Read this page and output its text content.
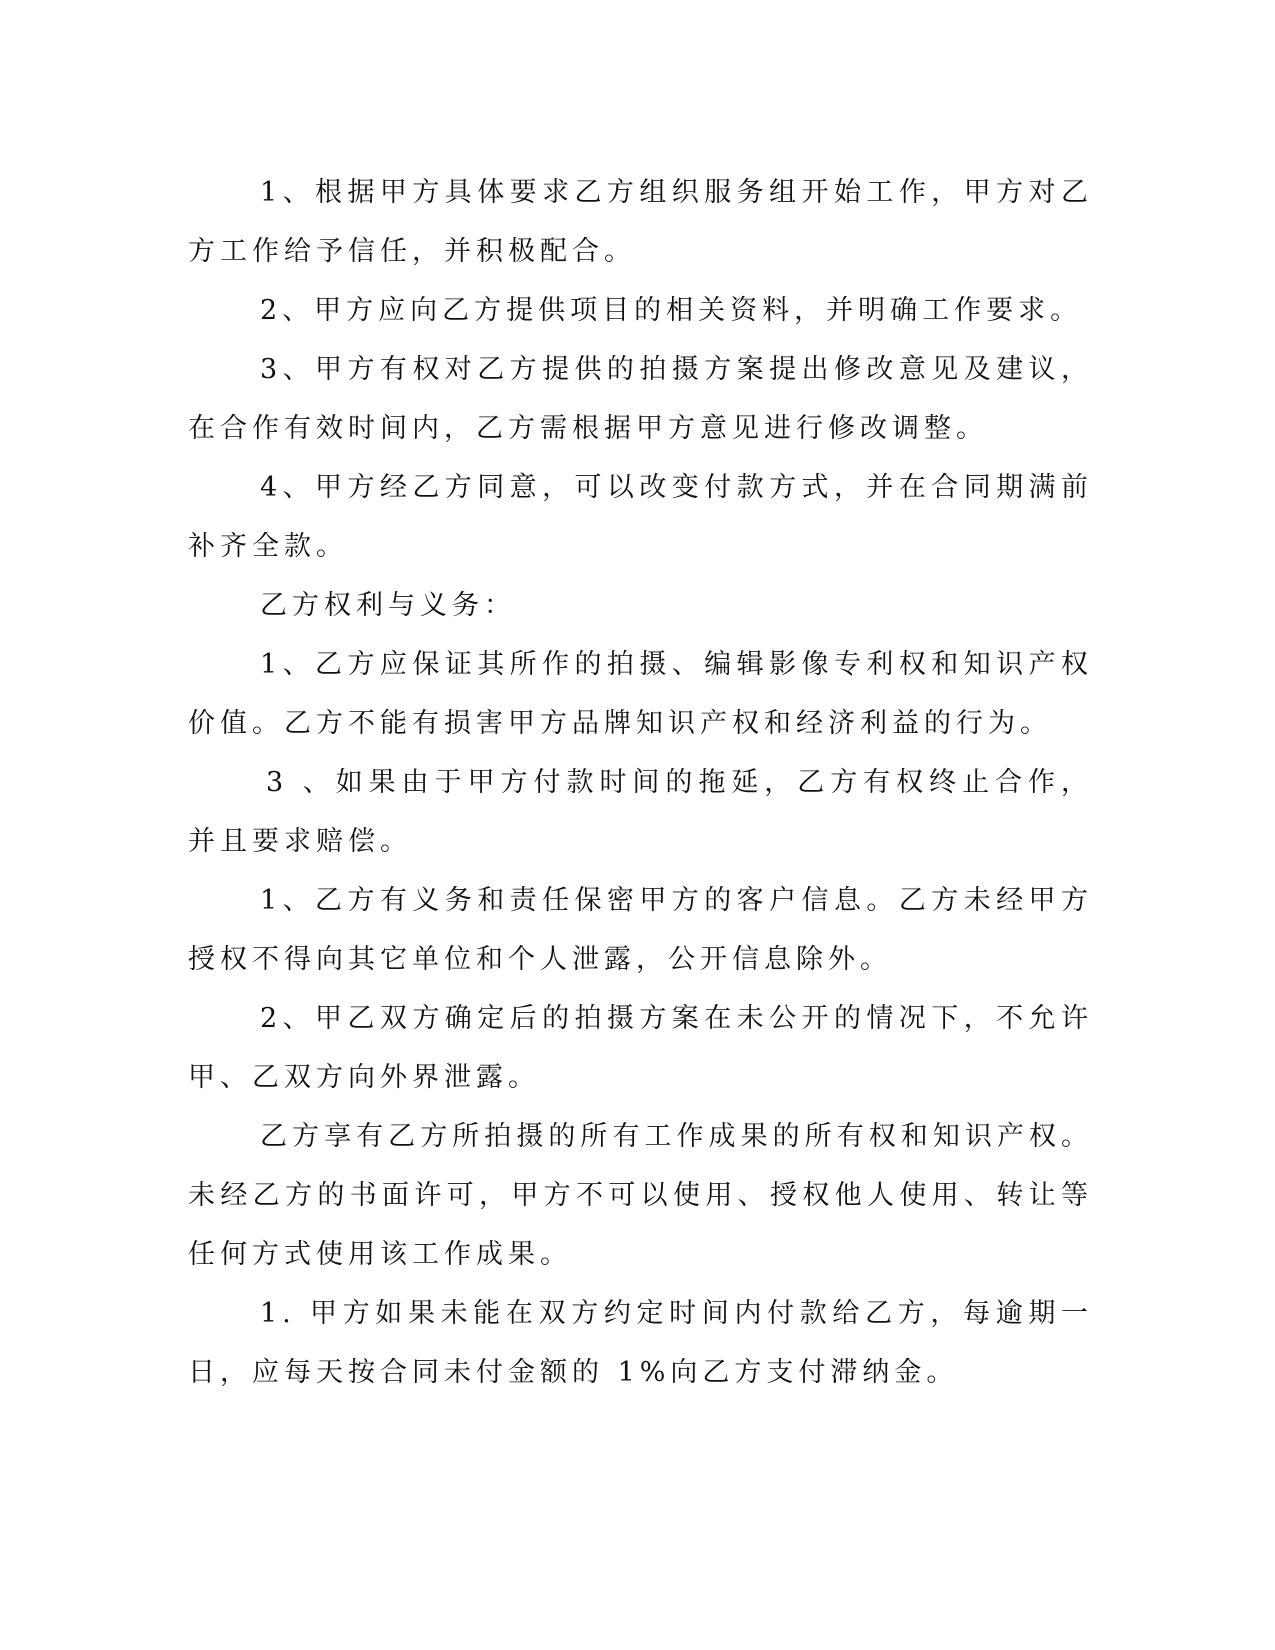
1、根据甲方具体要求乙方组织服务组开始工作，甲方对乙方工作给予信任，并积极配合。

2、甲方应向乙方提供项目的相关资料，并明确工作要求。

3、甲方有权对乙方提供的拍摄方案提出修改意见及建议，在合作有效时间内，乙方需根据甲方意见进行修改调整。

4、甲方经乙方同意，可以改变付款方式，并在合同期满前补齐全款。

乙方权利与义务：

1、乙方应保证其所作的拍摄、编辑影像专利权和知识产权价值。乙方不能有损害甲方品牌知识产权和经济利益的行为。

3 、如果由于甲方付款时间的拖延，乙方有权终止合作，并且要求赔偿。

1、乙方有义务和责任保密甲方的客户信息。乙方未经甲方授权不得向其它单位和个人泄露，公开信息除外。

2、甲乙双方确定后的拍摄方案在未公开的情况下，不允许甲、乙双方向外界泄露。

乙方享有乙方所拍摄的所有工作成果的所有权和知识产权。未经乙方的书面许可，甲方不可以使用、授权他人使用、转让等任何方式使用该工作成果。

1. 甲方如果未能在双方约定时间内付款给乙方，每逾期一日，应每天按合同未付金额的 1%向乙方支付滞纳金。
